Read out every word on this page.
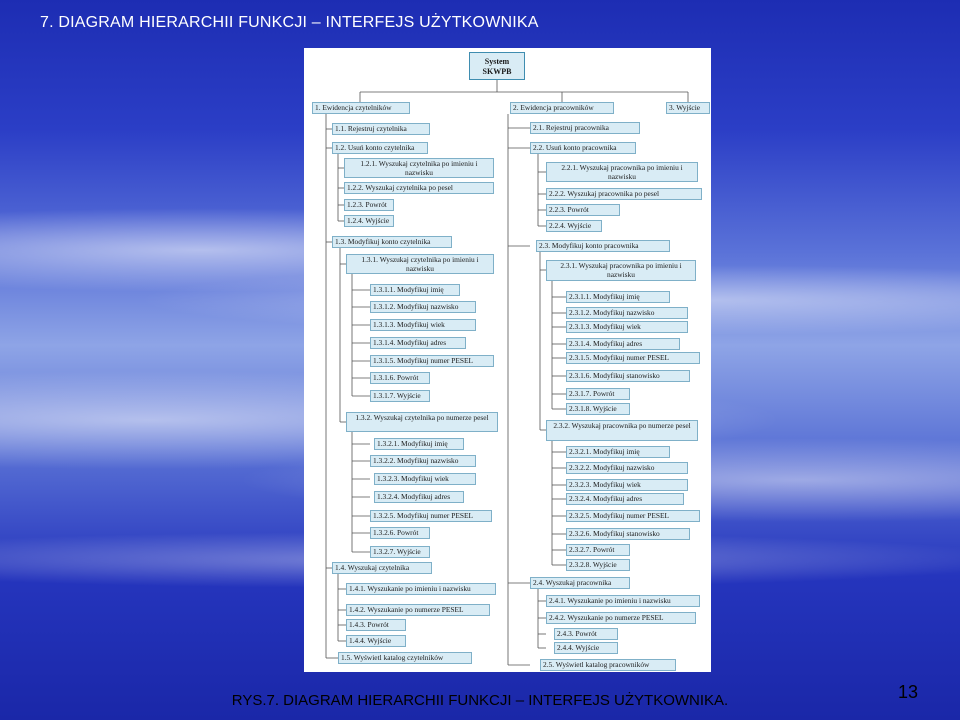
7. DIAGRAM HIERARCHII FUNKCJI – INTERFEJS UŻYTKOWNIKA
System SKWPB
1. Ewidencja czytelników	2. Ewidencja pracowników	3. Wyjście
1.1. Rejestruj czytelnika
1.2. Usuń konto czytelnika
1.2.1. Wyszukaj czytelnika po imieniu i nazwisku
1.2.2. Wyszukaj czytelnika po pesel
1.2.3. Powrót
1.2.4. Wyjście
1.3. Modyfikuj konto czytelnika
1.3.1. Wyszukaj czytelnika po imieniu i nazwisku
1.3.1.1. Modyfikuj imię
1.3.1.2. Modyfikuj nazwisko
1.3.1.3. Modyfikuj wiek
1.3.1.4. Modyfikuj adres
1.3.1.5. Modyfikuj numer PESEL
1.3.1.6. Powrót
1.3.1.7. Wyjście
1.3.2. Wyszukaj czytelnika po numerze pesel
1.3.2.1. Modyfikuj imię
1.3.2.2. Modyfikuj nazwisko
1.3.2.3. Modyfikuj wiek
1.3.2.4. Modyfikuj adres
1.3.2.5. Modyfikuj numer PESEL
1.3.2.6. Powrót
1.3.2.7. Wyjście
1.4. Wyszukaj czytelnika
1.4.1. Wyszukanie po imieniu i nazwisku
1.4.2. Wyszukanie po numerze PESEL
1.4.3. Powrót
1.4.4. Wyjście
1.5. Wyświetl katalog czytelników
2.1. Rejestruj pracownika
2.2. Usuń konto pracownika
2.2.1. Wyszukaj pracownika po imieniu i nazwisku
2.2.2. Wyszukaj pracownika po pesel
2.2.3. Powrót
2.2.4. Wyjście
2.3. Modyfikuj konto pracownika
2.3.1. Wyszukaj pracownika po imieniu i nazwisku
2.3.1.1. Modyfikuj imię
2.3.1.2. Modyfikuj nazwisko
2.3.1.3. Modyfikuj wiek
2.3.1.4. Modyfikuj adres
2.3.1.5. Modyfikuj numer PESEL
2.3.1.6. Modyfikuj stanowisko
2.3.1.7. Powrót
2.3.1.8. Wyjście
2.3.2. Wyszukaj pracownika po numerze pesel
2.3.2.1. Modyfikuj imię
2.3.2.2. Modyfikuj nazwisko
2.3.2.3. Modyfikuj wiek
2.3.2.4. Modyfikuj adres
2.3.2.5. Modyfikuj numer PESEL
2.3.2.6. Modyfikuj stanowisko
2.3.2.7. Powrót
2.3.2.8. Wyjście
2.4. Wyszukaj pracownika
2.4.1. Wyszukanie po imieniu i nazwisku
2.4.2. Wyszukanie po numerze PESEL
2.4.3. Powrót
2.4.4. Wyjście
2.5. Wyświetl katalog pracowników
RYS.7. DIAGRAM HIERARCHII FUNKCJI – INTERFEJS UŻYTKOWNIKA.	13
